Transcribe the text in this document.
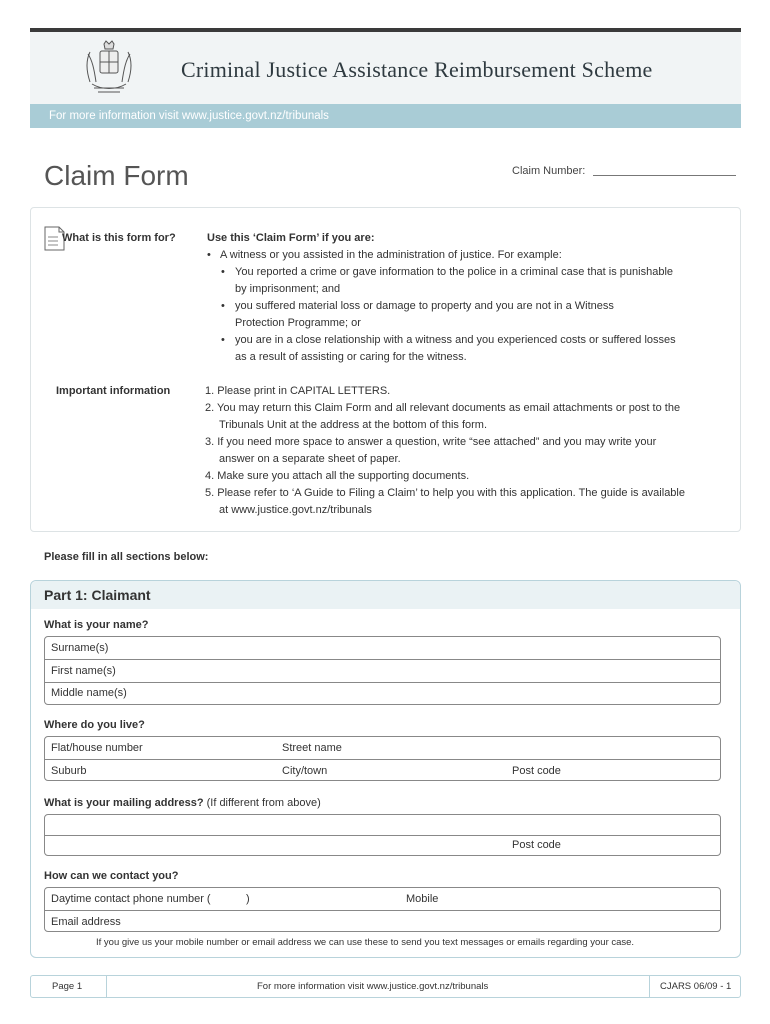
Criminal Justice Assistance Reimbursement Scheme
For more information visit www.justice.govt.nz/tribunals
Claim Form	Claim Number:
What is this form for?	Use this ‘Claim Form’ if you are:
• A witness or you assisted in the administration of justice. For example:
• You reported a crime or gave information to the police in a criminal case that is punishable
by imprisonment; and
• you suffered material loss or damage to property and you are not in a Witness
Protection Programme; or
• you are in a close relationship with a witness and you experienced costs or suffered losses
as a result of assisting or caring for the witness.
Important information	1. Please print in CAPITAL LETTERS.
2. You may return this Claim Form and all relevant documents as email attachments or post to the
Tribunals Unit at the address at the bottom of this form.
3. If you need more space to answer a question, write “see attached” and you may write your
answer on a separate sheet of paper.
4. Make sure you attach all the supporting documents.
5. Please refer to ‘A Guide to Filing a Claim’ to help you with this application. The guide is available
at www.justice.govt.nz/tribunals
Please fill in all sections below:
Part 1: Claimant
What is your name?
Surname(s)
First name(s)
Middle name(s)
Where do you live?
Flat/house number	Street name
Suburb	City/town	Post code
What is your mailing address? (If different from above)
Post code
How can we contact you?
Daytime contact phone number (	)	Mobile
Email address
If you give us your mobile number or email address we can use these to send you text messages or emails regarding your case.
Page 1	For more information visit www.justice.govt.nz/tribunals	CJARS 06/09 - 1
